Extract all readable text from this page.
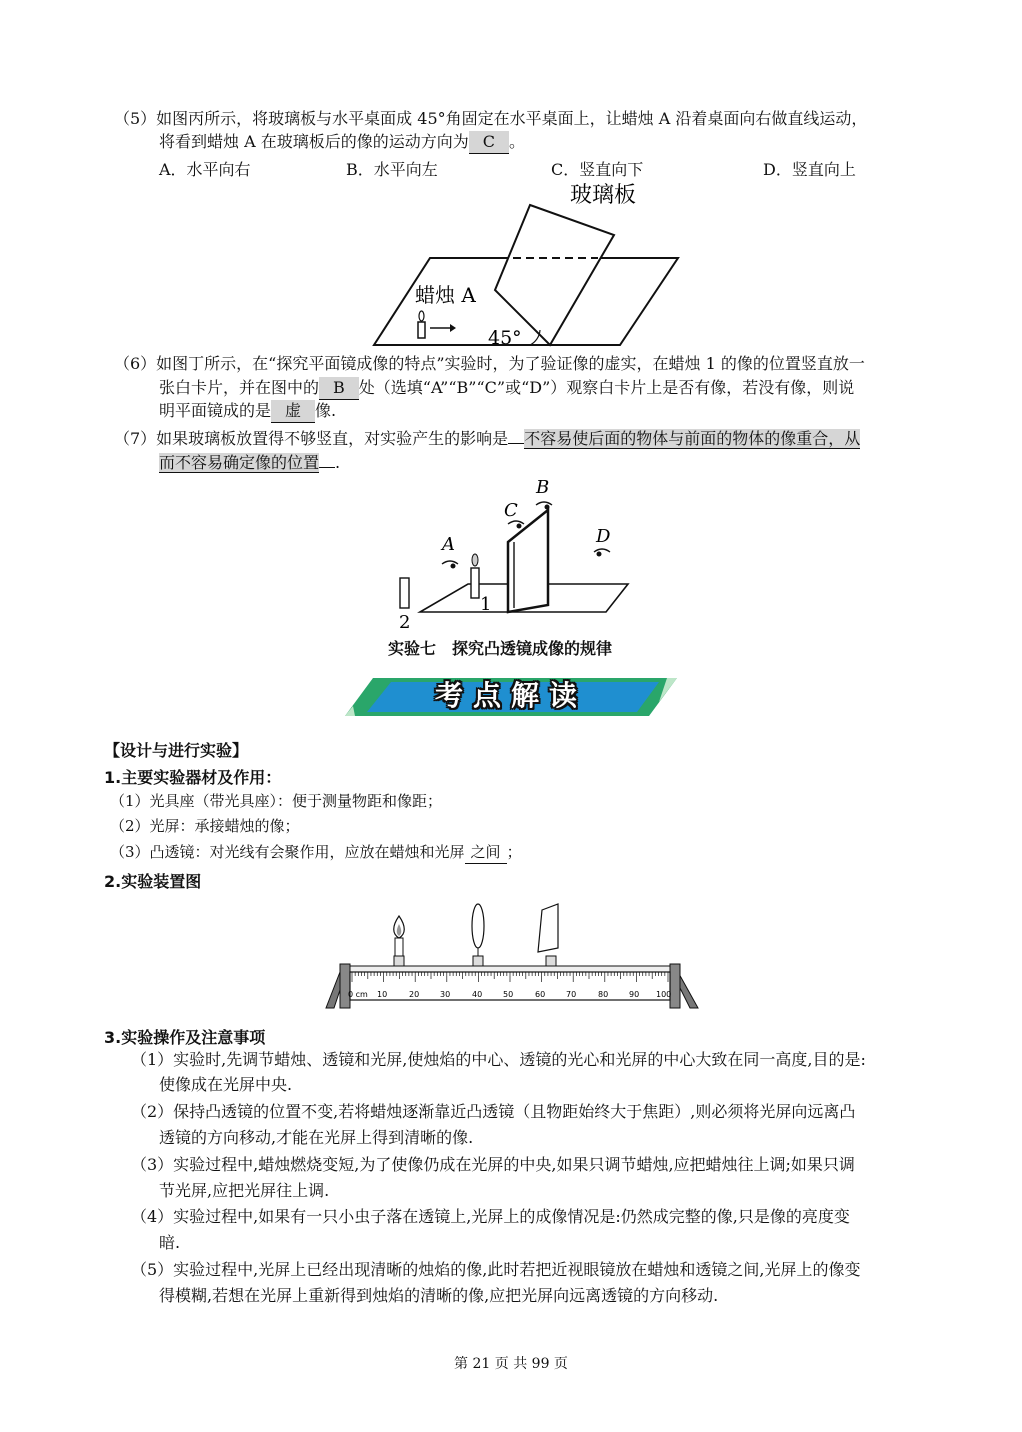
（5）如图丙所示，将玻璃板与水平桌面成 45°角固定在水平桌面上，让蜡烛 A 沿着桌面向右做直线运动，
将看到蜡烛 A 在玻璃板后的像的运动方向为 C 。
A．水平向右	B．水平向左	C．竖直向下	D．竖直向上
玻璃板
蜡烛 A
45°
（6）如图丁所示，在“探究平面镜成像的特点”实验时，为了验证像的虚实，在蜡烛 1 的像的位置竖直放一
张白卡片，并在图中的 B 处（选填“A”“B”“C”或“D”）观察白卡片上是否有像，若没有像，则说
明平面镜成的是 虚 像.
（7）如果玻璃板放置得不够竖直，对实验产生的影响是 不容易使后面的物体与前面的物体的像重合，从
而不容易确定像的位置 .
A
B
C
D
1
2
实验七　探究凸透镜成像的规律
考点解读
【设计与进行实验】
1.主要实验器材及作用：
（1）光具座（带光具座）：便于测量物距和像距；
（2）光屏：承接蜡烛的像；
（3）凸透镜：对光线有会聚作用，应放在蜡烛和光屏 之间 ；
2.实验装置图
0 cm 10	20	30	40	50	60	70	80	90 100
3.实验操作及注意事项
（1）实验时,先调节蜡烛、透镜和光屏,使烛焰的中心、透镜的光心和光屏的中心大致在同一高度,目的是:
使像成在光屏中央.
（2）保持凸透镜的位置不变,若将蜡烛逐渐靠近凸透镜（且物距始终大于焦距）,则必须将光屏向远离凸
透镜的方向移动,才能在光屏上得到清晰的像.
（3）实验过程中,蜡烛燃烧变短,为了使像仍成在光屏的中央,如果只调节蜡烛,应把蜡烛往上调;如果只调
节光屏,应把光屏往上调.
（4）实验过程中,如果有一只小虫子落在透镜上,光屏上的成像情况是:仍然成完整的像,只是像的亮度变
暗.
（5）实验过程中,光屏上已经出现清晰的烛焰的像,此时若把近视眼镜放在蜡烛和透镜之间,光屏上的像变
得模糊,若想在光屏上重新得到烛焰的清晰的像,应把光屏向远离透镜的方向移动.
第 21 页 共 99 页
